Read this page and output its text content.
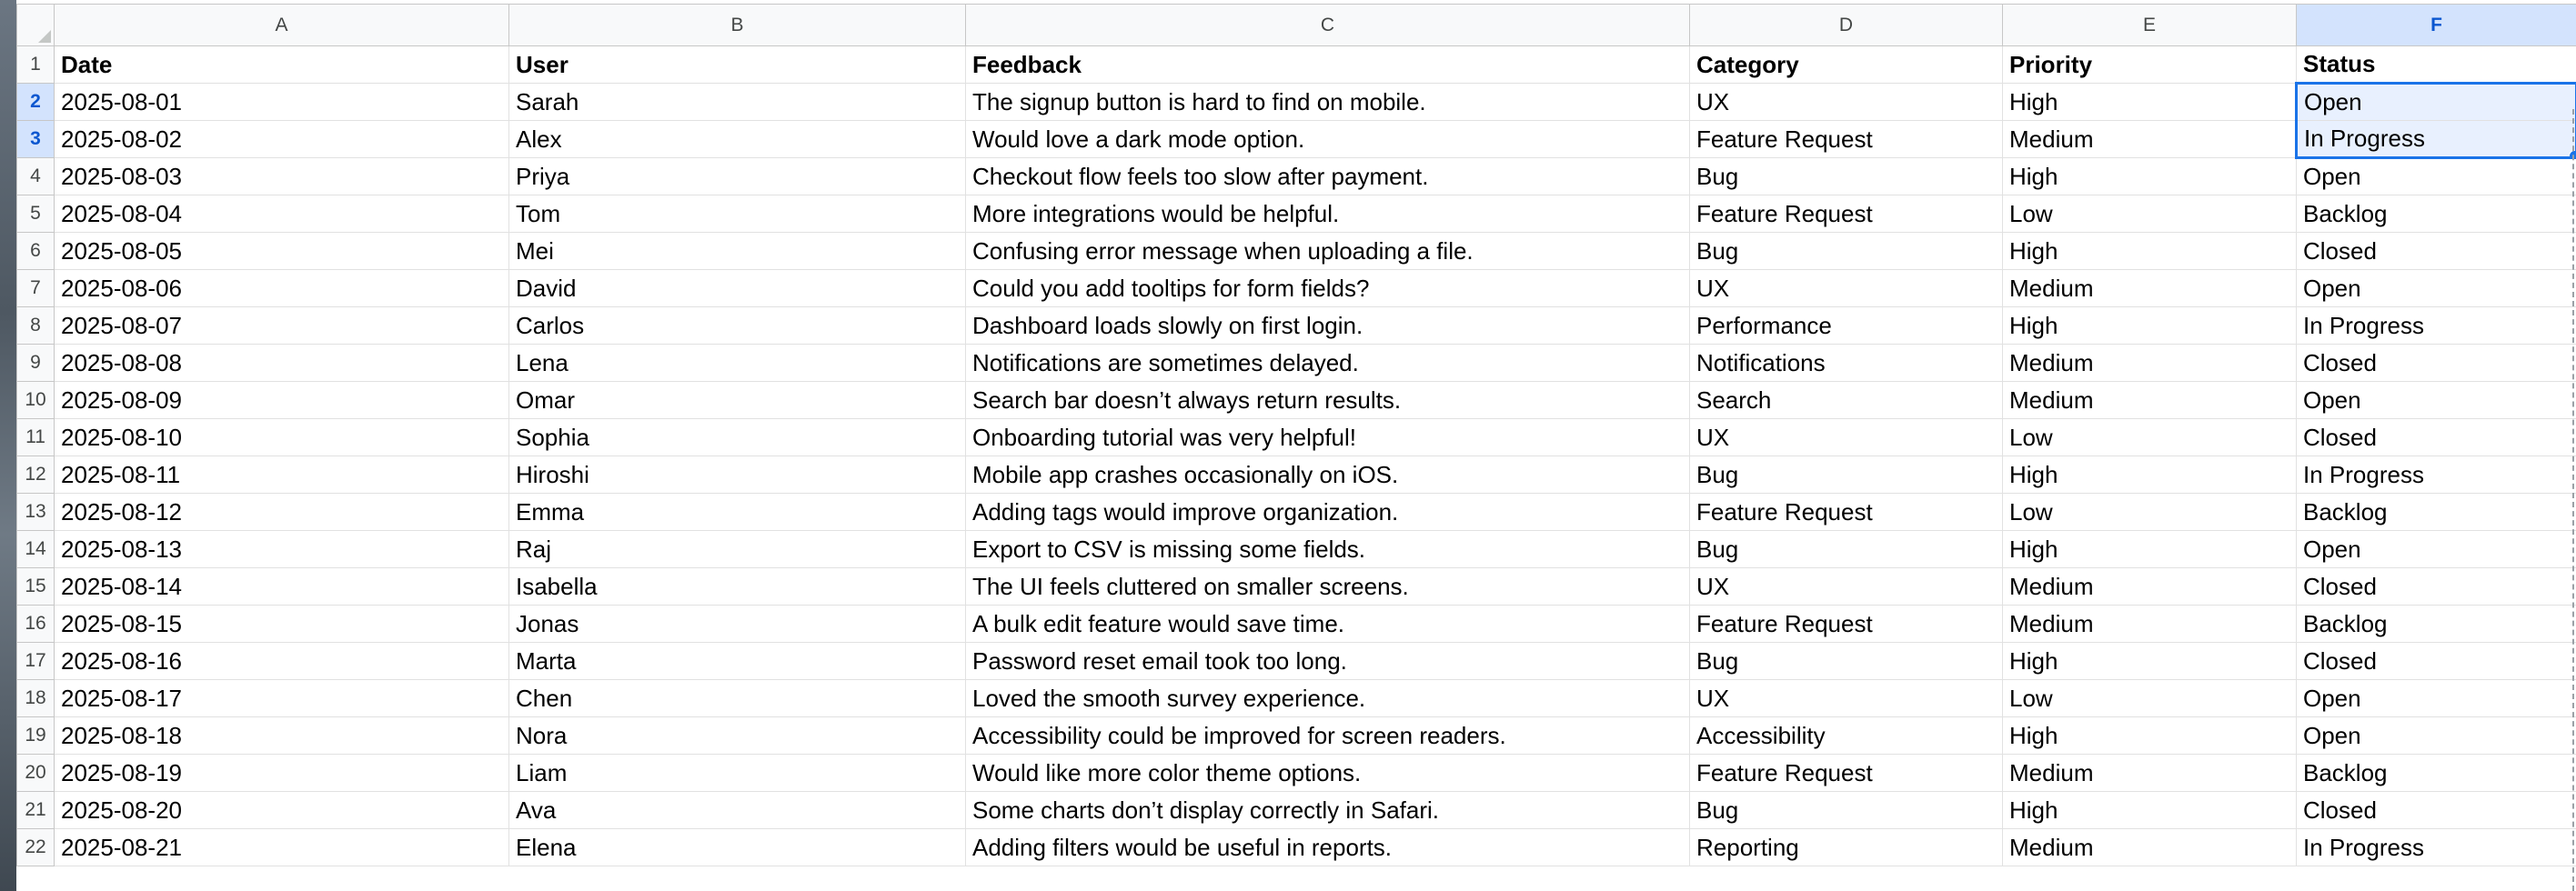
	A	B	C	D	E	F
1	Date	User	Feedback	Category	Priority	Status
2	2025-08-01	Sarah	The signup button is hard to find on mobile.	UX	High	Open
3	2025-08-02	Alex	Would love a dark mode option.	Feature Request	Medium	In Progress

4	2025-08-03	Priya	Checkout flow feels too slow after payment.	Bug	High	Open
5	2025-08-04	Tom	More integrations would be helpful.	Feature Request	Low	Backlog
6	2025-08-05	Mei	Confusing error message when uploading a file.	Bug	High	Closed
7	2025-08-06	David	Could you add tooltips for form fields?	UX	Medium	Open
8	2025-08-07	Carlos	Dashboard loads slowly on first login.	Performance	High	In Progress
9	2025-08-08	Lena	Notifications are sometimes delayed.	Notifications	Medium	Closed
10	2025-08-09	Omar	Search bar doesn’t always return results.	Search	Medium	Open
11	2025-08-10	Sophia	Onboarding tutorial was very helpful!	UX	Low	Closed
12	2025-08-11	Hiroshi	Mobile app crashes occasionally on iOS.	Bug	High	In Progress
13	2025-08-12	Emma	Adding tags would improve organization.	Feature Request	Low	Backlog
14	2025-08-13	Raj	Export to CSV is missing some fields.	Bug	High	Open
15	2025-08-14	Isabella	The UI feels cluttered on smaller screens.	UX	Medium	Closed
16	2025-08-15	Jonas	A bulk edit feature would save time.	Feature Request	Medium	Backlog
17	2025-08-16	Marta	Password reset email took too long.	Bug	High	Closed
18	2025-08-17	Chen	Loved the smooth survey experience.	UX	Low	Open
19	2025-08-18	Nora	Accessibility could be improved for screen readers.	Accessibility	High	Open
20	2025-08-19	Liam	Would like more color theme options.	Feature Request	Medium	Backlog
21	2025-08-20	Ava	Some charts don’t display correctly in Safari.	Bug	High	Closed
22	2025-08-21	Elena	Adding filters would be useful in reports.	Reporting	Medium	In Progress
